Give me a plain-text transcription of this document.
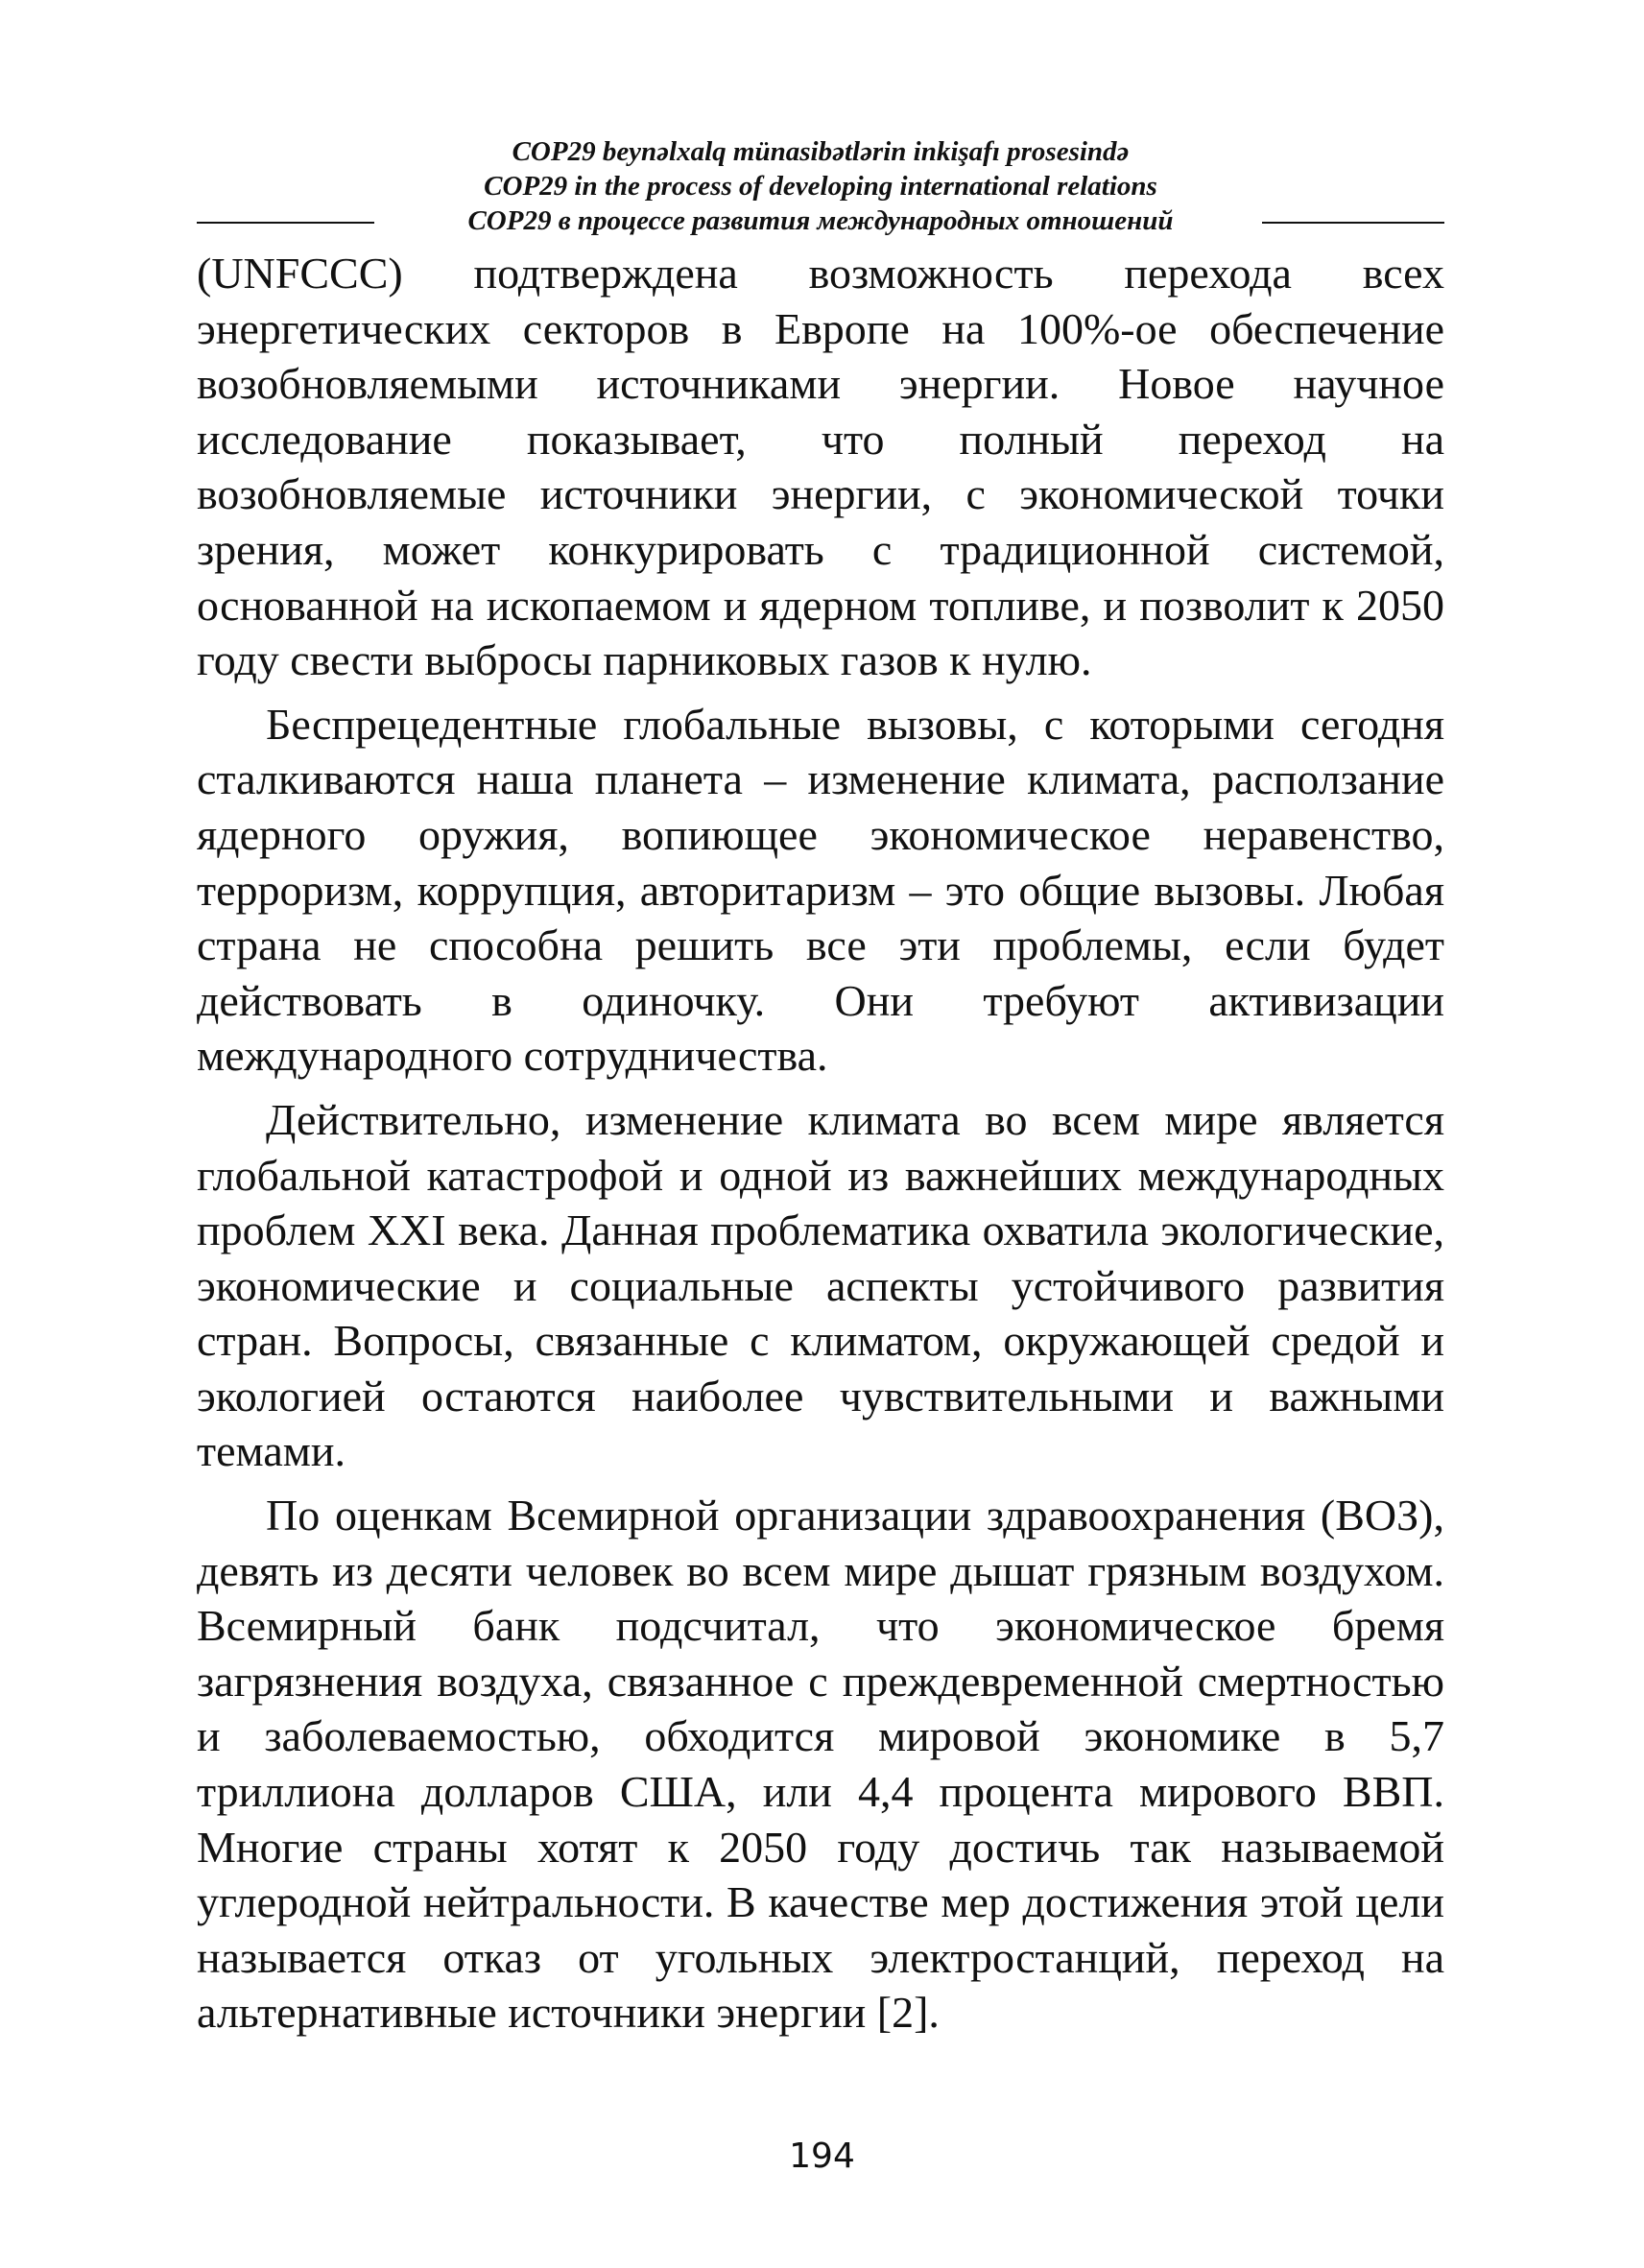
COP29 beynəlxalq münasibətlərin inkişafı prosesində
COP29 in the process of developing international relations
COP29 в процессе развития международных отношений

(UNFCCC) подтверждена возможность перехода всех энергетических секторов в Европе на 100%-ое обеспечение возобновляемыми источниками энергии. Новое научное исследование показывает, что полный переход на возобновляемые источники энергии, с экономической точки зрения, может конкурировать с традиционной системой, основанной на ископаемом и ядерном топливе, и позволит к 2050 году свести выбросы парниковых газов к нулю.

Беспрецедентные глобальные вызовы, с которыми сегодня сталкиваются наша планета – изменение климата, расползание ядерного оружия, вопиющее экономическое неравенство, терроризм, коррупция, авторитаризм – это общие вызовы. Любая страна не способна решить все эти проблемы, если будет действовать в одиночку. Они требуют активизации международного сотрудничества.

Действительно, изменение климата во всем мире является глобальной катастрофой и одной из важнейших международных проблем XXI века. Данная проблематика охватила экологические, экономические и социальные аспекты устойчивого развития стран. Вопросы, связанные с климатом, окружающей средой и экологией остаются наиболее чувствительными и важными темами.

По оценкам Всемирной организации здравоохранения (ВОЗ), девять из десяти человек во всем мире дышат грязным воздухом. Всемирный банк подсчитал, что экономическое бремя загрязнения воздуха, связанное с преждевременной смертностью и заболеваемостью, обходится мировой экономике в 5,7 триллиона долларов США, или 4,4 процента мирового ВВП. Многие страны хотят к 2050 году достичь так называемой углеродной нейтральности. В качестве мер достижения этой цели называется отказ от угольных электростанций, переход на альтернативные источники энергии [2].

194
